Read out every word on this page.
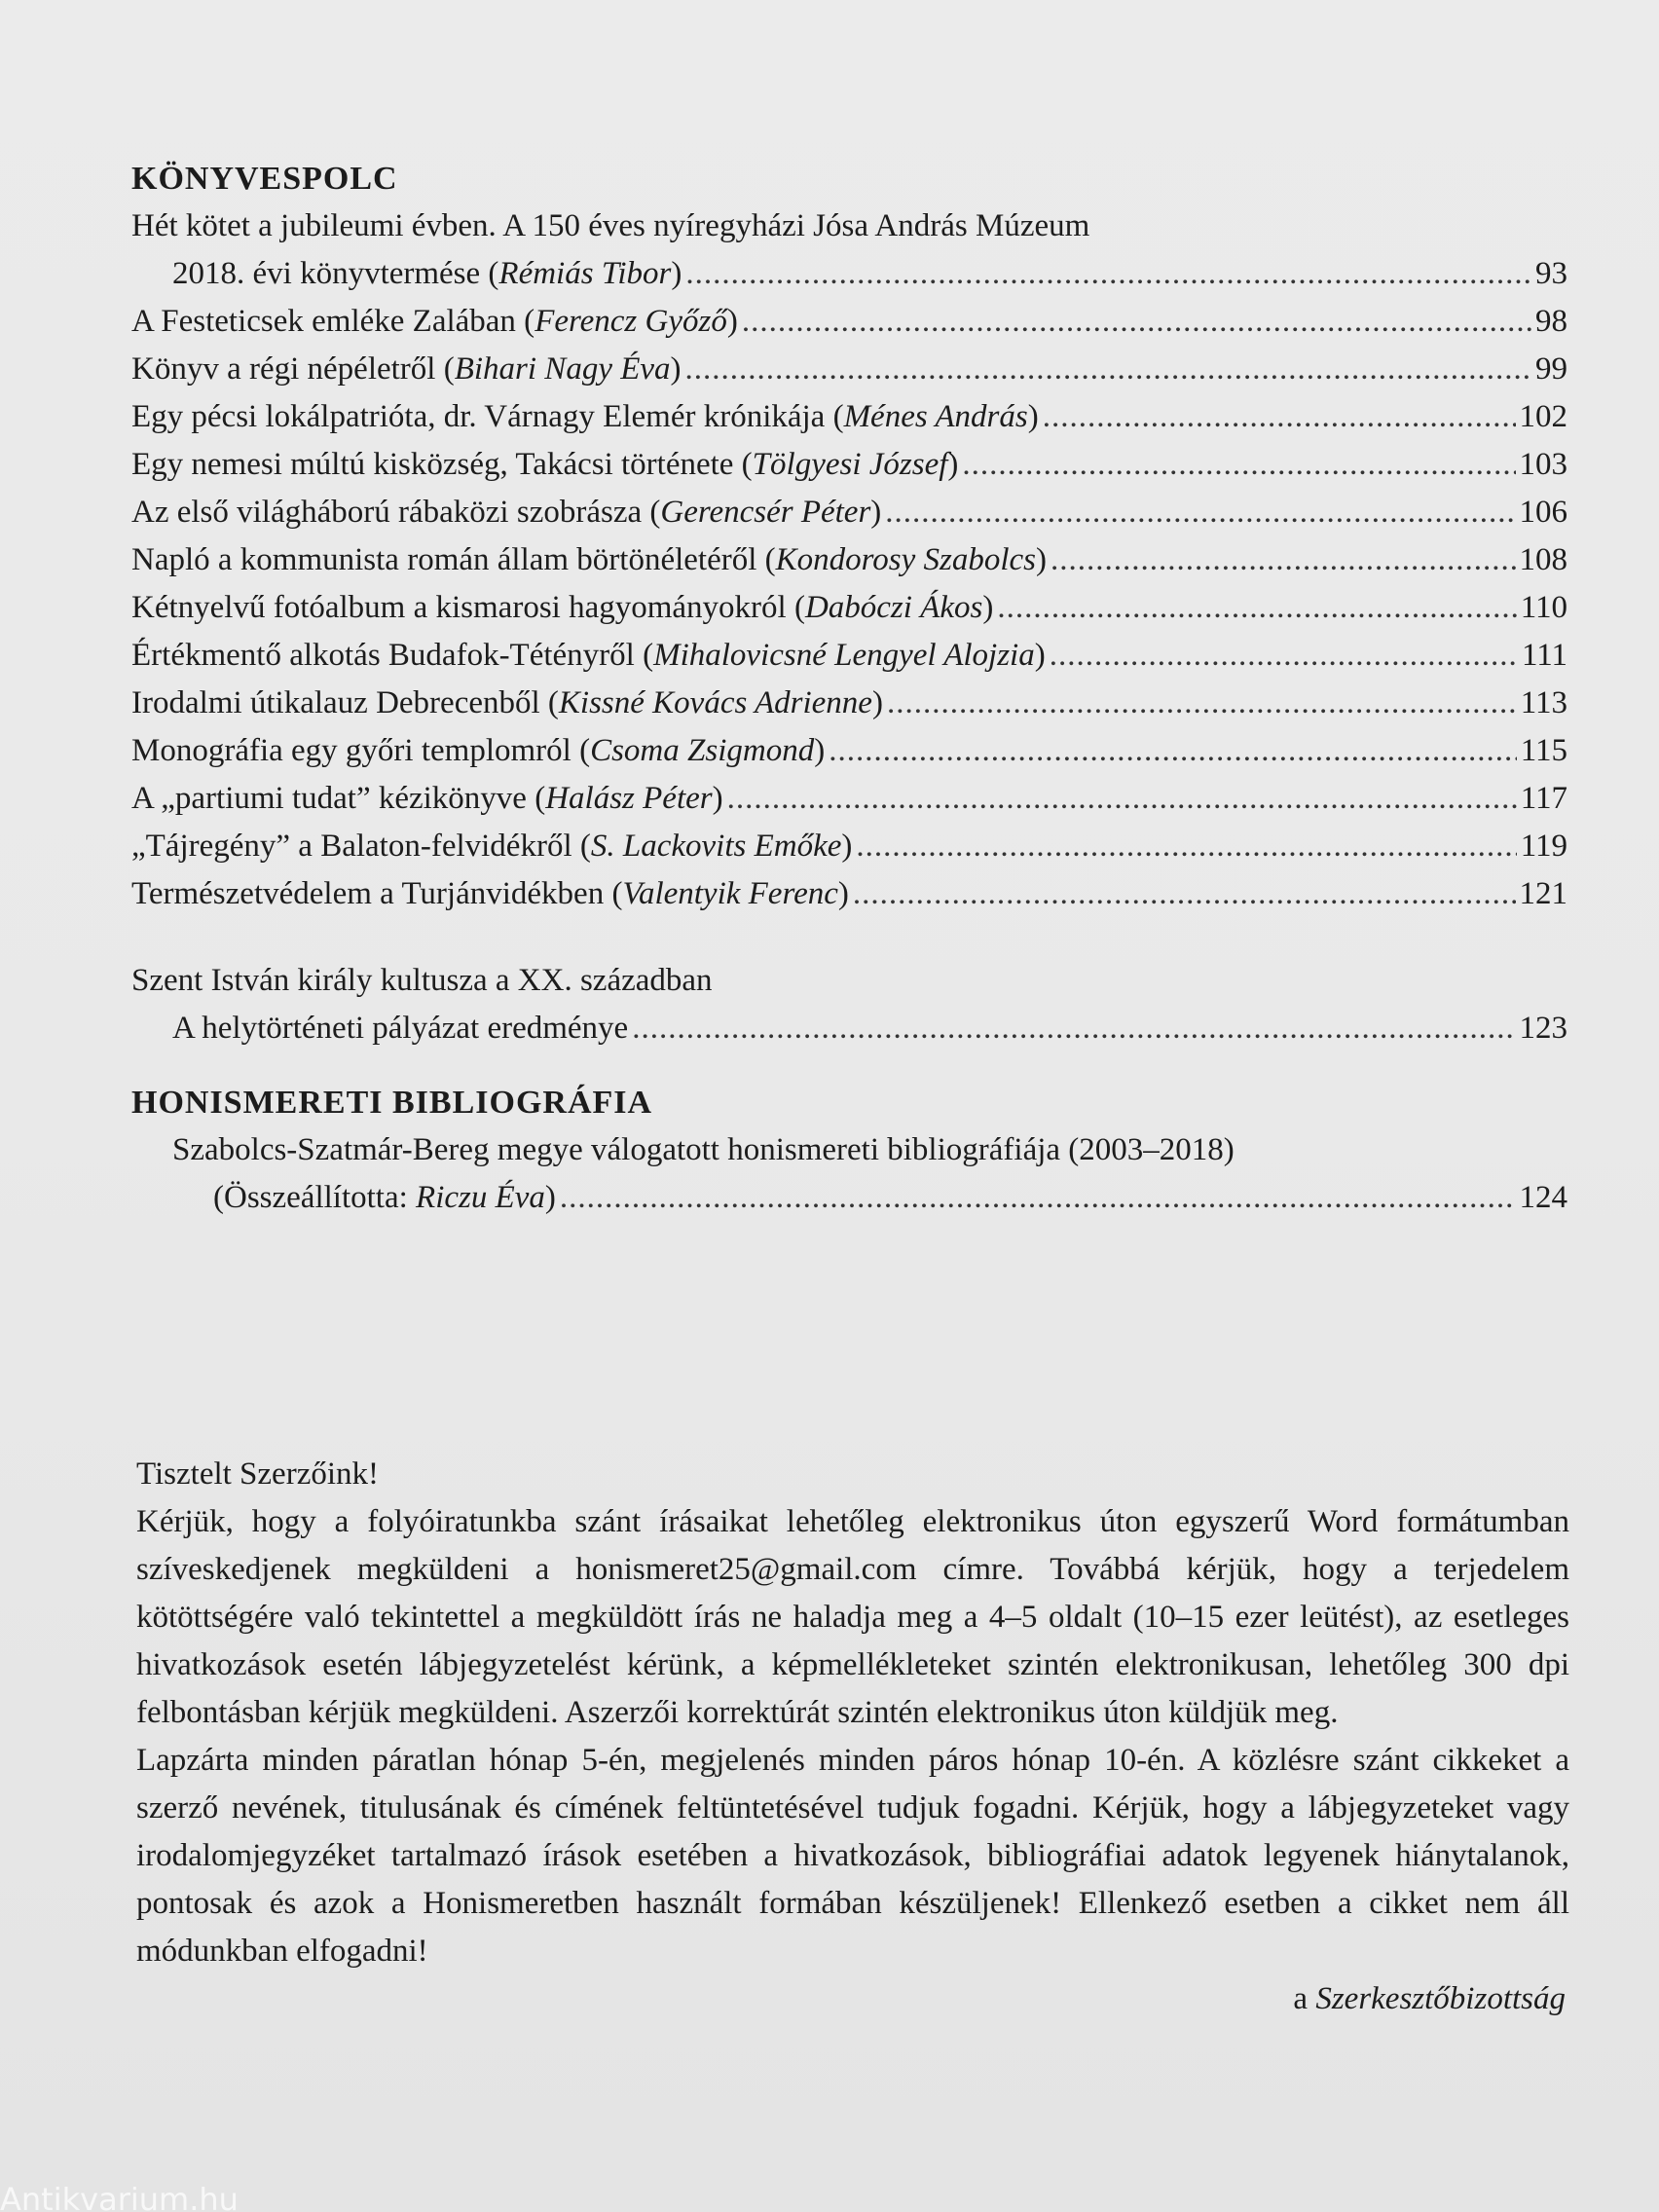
KÖNYVESPOLC
Hét kötet a jubileumi évben. A 150 éves nyíregyházi Jósa András Múzeum
2018. évi könyvtermése (Rémiás Tibor) .....	93
A Festeticsek emléke Zalában (Ferencz Győző) .....	98
Könyv a régi népéletről (Bihari Nagy Éva) .....	99
Egy pécsi lokálpatrióta, dr. Várnagy Elemér krónikája (Ménes András) .....	102
Egy nemesi múltú kisközség, Takácsi története (Tölgyesi József) .....	103
Az első világháború rábaközi szobrásza (Gerencsér Péter) .....	106
Napló a kommunista román állam börtönéletéről (Kondorosy Szabolcs) .....	108
Kétnyelvű fotóalbum a kismarosi hagyományokról (Dabóczi Ákos) .....	110
Értékmentő alkotás Budafok-Tétényről (Mihalovicsné Lengyel Alojzia) .....	111
Irodalmi útikalauz Debrecenből (Kissné Kovács Adrienne) .....	113
Monográfia egy győri templomról (Csoma Zsigmond) .....	115
A „partiumi tudat” kézikönyve (Halász Péter) .....	117
„Tájregény” a Balaton-felvidékről (S. Lackovits Emőke) .....	119
Természetvédelem a Turjánvidékben (Valentyik Ferenc) .....	121
Szent István király kultusza a XX. században
A helytörténeti pályázat eredménye .....	123
HONISMERETI BIBLIOGRÁFIA
Szabolcs-Szatmár-Bereg megye válogatott honismereti bibliográfiája (2003–2018)
(Összeállította: Riczu Éva) .....	124

Tisztelt Szerzőink!

Kérjük, hogy a folyóiratunkba szánt írásaikat lehetőleg elektronikus úton egyszerű Word formátumban szíveskedjenek megküldeni a honismeret25@gmail.com címre. Továbbá kérjük, hogy a terjedelem kötöttségére való tekintettel a megküldött írás ne haladja meg a 4–5 oldalt (10–15 ezer leütést), az esetleges hivatkozások esetén lábjegyzetelést kérünk, a képmellékleteket szintén elektronikusan, lehetőleg 300 dpi felbontásban kérjük megküldeni. Aszerzői korrektúrát szintén elektronikus úton küldjük meg.

Lapzárta minden páratlan hónap 5-én, megjelenés minden páros hónap 10-én. A közlésre szánt cikkeket a szerző nevének, titulusának és címének feltüntetésével tudjuk fogadni. Kérjük, hogy a lábjegyzeteket vagy irodalomjegyzéket tartalmazó írások esetében a hivatkozások, bibliográfiai adatok legyenek hiánytalanok, pontosak és azok a Honismeretben használt formában készüljenek! Ellenkező esetben a cikket nem áll módunkban elfogadni!

a Szerkesztőbizottság

Antikvarium.hu
